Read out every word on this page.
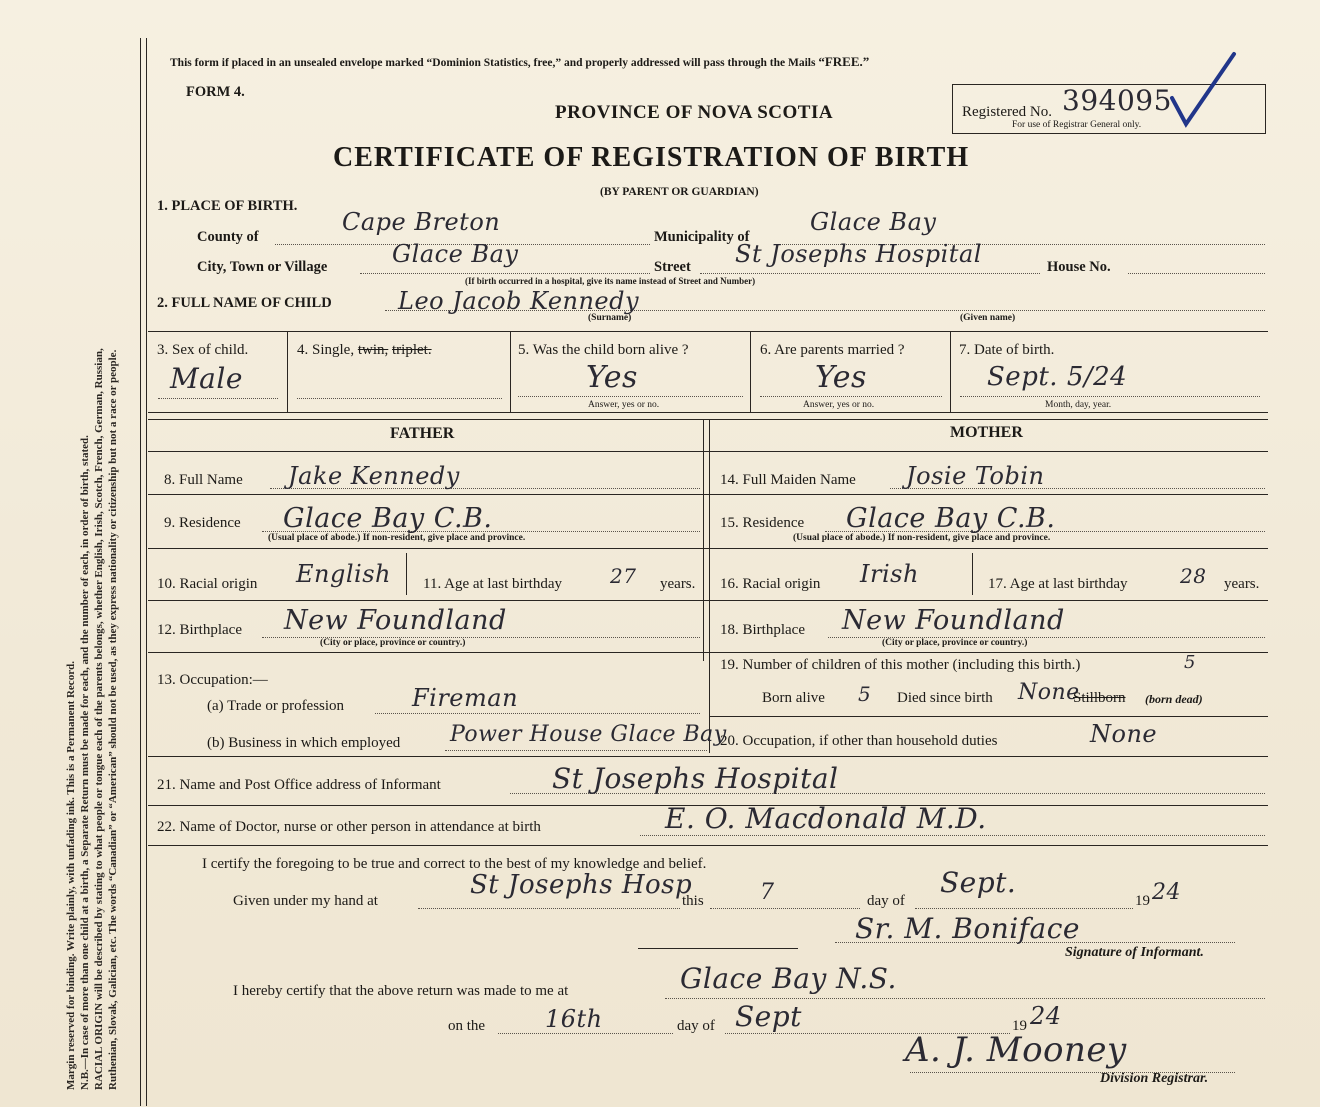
Margin reserved for binding. Write plainly, with unfading ink. This is a Permanent Record. N.B.—In case of more than one child at a birth, a Separate Return must be made for each, and the number of each, in order of birth, stated. RACIAL ORIGIN will be described by stating to what people or tongue each of the parents belongs, whether English, Irish, Scotch, French, German, Russian, Ruthenian, Slovak, Galician, etc. The words “Canadian” or “American” should not be used, as they express nationality or citizenship but not a race or people.
This form if placed in an unsealed envelope marked “Dominion Statistics, free,” and properly addressed will pass through the Mails “FREE.”
FORM 4.
PROVINCE OF NOVA SCOTIA
CERTIFICATE OF REGISTRATION OF BIRTH
(BY PARENT OR GUARDIAN)
Registered No. 394095
For use of Registrar General only.
1. PLACE OF BIRTH.
County of
Cape Breton
Municipality of
Glace Bay
City, Town or Village	Glace Bay	Street St Josephs Hospital	House No.
(If birth occurred in a hospital, give its name instead of Street and Number)
2. FULL NAME OF CHILD	Leo Jacob Kennedy
(Surname)	(Given name)
3. Sex of child.
Male
4. Single, twin, triplet.	5. Was the child born alive ?
Yes
Answer, yes or no.
6. Are parents married ?
Yes
Answer, yes or no.
7. Date of birth.
Sept. 5/24
Month, day, year.
FATHER	MOTHER
8. Full Name Jake Kennedy	14. Full Maiden Name Josie Tobin
9. Residence Glace Bay C.B.
(Usual place of abode.) If non-resident, give place and province.
15. Residence Glace Bay C.B.
(Usual place of abode.) If non-resident, give place and province.
10. Racial origin English 11. Age at last birthday 27 years. 16. Racial origin Irish	17. Age at last birthday	28 years.
12. Birthplace New Foundland
(City or place, province or country.)
18. Birthplace New Foundland
(City or place, province or country.)
13. Occupation:—
(a) Trade or profession	Fireman
(b) Business in which employed Power House Glace Bay
19. Number of children of this mother (including this birth.)	5
Born alive 5 Died since birth None
Stillborn (born dead)
20. Occupation, if other than household duties	None
21. Name and Post Office address of Informant	St Josephs Hospital
22. Name of Doctor, nurse or other person in attendance at birth	E. O. Macdonald M.D.
I certify the foregoing to be true and correct to the best of my knowledge and belief.
Given under my hand at
St Josephs Hosp
this	7	day of
Sept.
19 24
Sr. M. Boniface
Signature of Informant.
I hereby certify that the above return was made to me at	Glace Bay N.S.
on the 16th	day of Sept	19 24
A. J. Mooney
Division Registrar.
